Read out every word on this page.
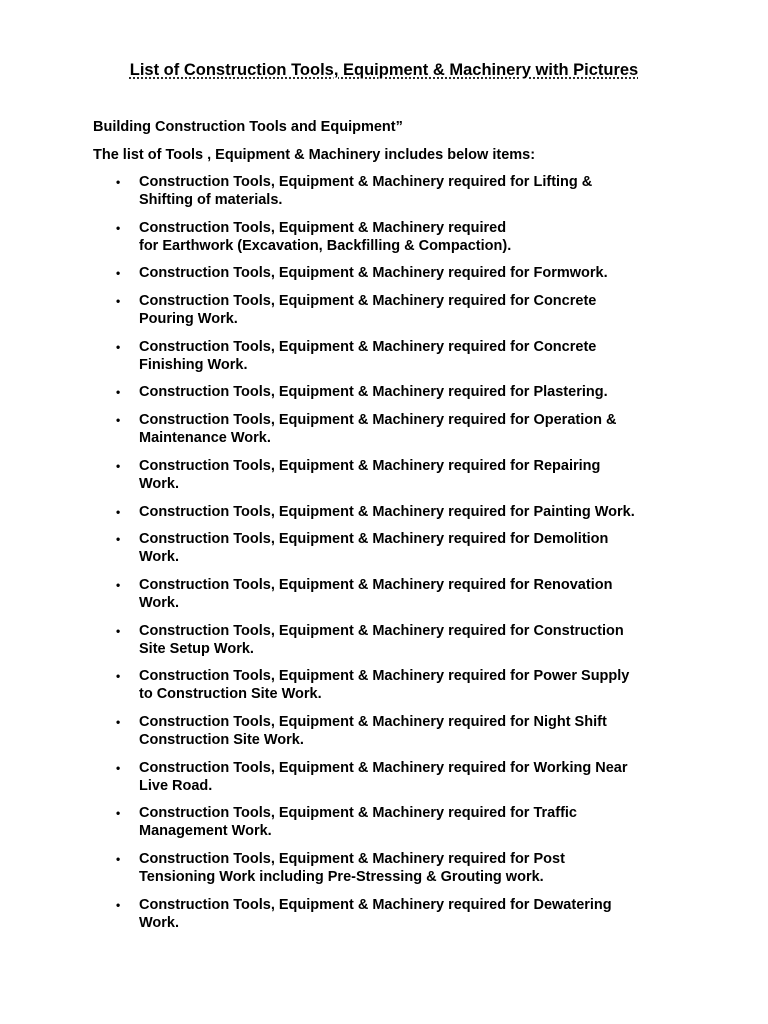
List of Construction Tools, Equipment & Machinery with Pictures

Building Construction Tools and Equipment”

The list of Tools , Equipment & Machinery includes below items:

•	Construction Tools, Equipment & Machinery required for Lifting &
Shifting of materials.
•	Construction Tools, Equipment & Machinery required
for Earthwork (Excavation, Backfilling & Compaction).
•	Construction Tools, Equipment & Machinery required for Formwork.
•	Construction Tools, Equipment & Machinery required for Concrete
Pouring Work.
•	Construction Tools, Equipment & Machinery required for Concrete
Finishing Work.
•	Construction Tools, Equipment & Machinery required for Plastering.
•	Construction Tools, Equipment & Machinery required for Operation &
Maintenance Work.
•	Construction Tools, Equipment & Machinery required for Repairing
Work.
•	Construction Tools, Equipment & Machinery required for Painting Work.
•	Construction Tools, Equipment & Machinery required for Demolition
Work.
•	Construction Tools, Equipment & Machinery required for Renovation
Work.
•	Construction Tools, Equipment & Machinery required for Construction
Site Setup Work.
•	Construction Tools, Equipment & Machinery required for Power Supply
to Construction Site Work.
•	Construction Tools, Equipment & Machinery required for Night Shift
Construction Site Work.
•	Construction Tools, Equipment & Machinery required for Working Near
Live Road.
•	Construction Tools, Equipment & Machinery required for Traffic
Management Work.
•	Construction Tools, Equipment & Machinery required for Post
Tensioning Work including Pre-Stressing & Grouting work.
•	Construction Tools, Equipment & Machinery required for Dewatering
Work.
